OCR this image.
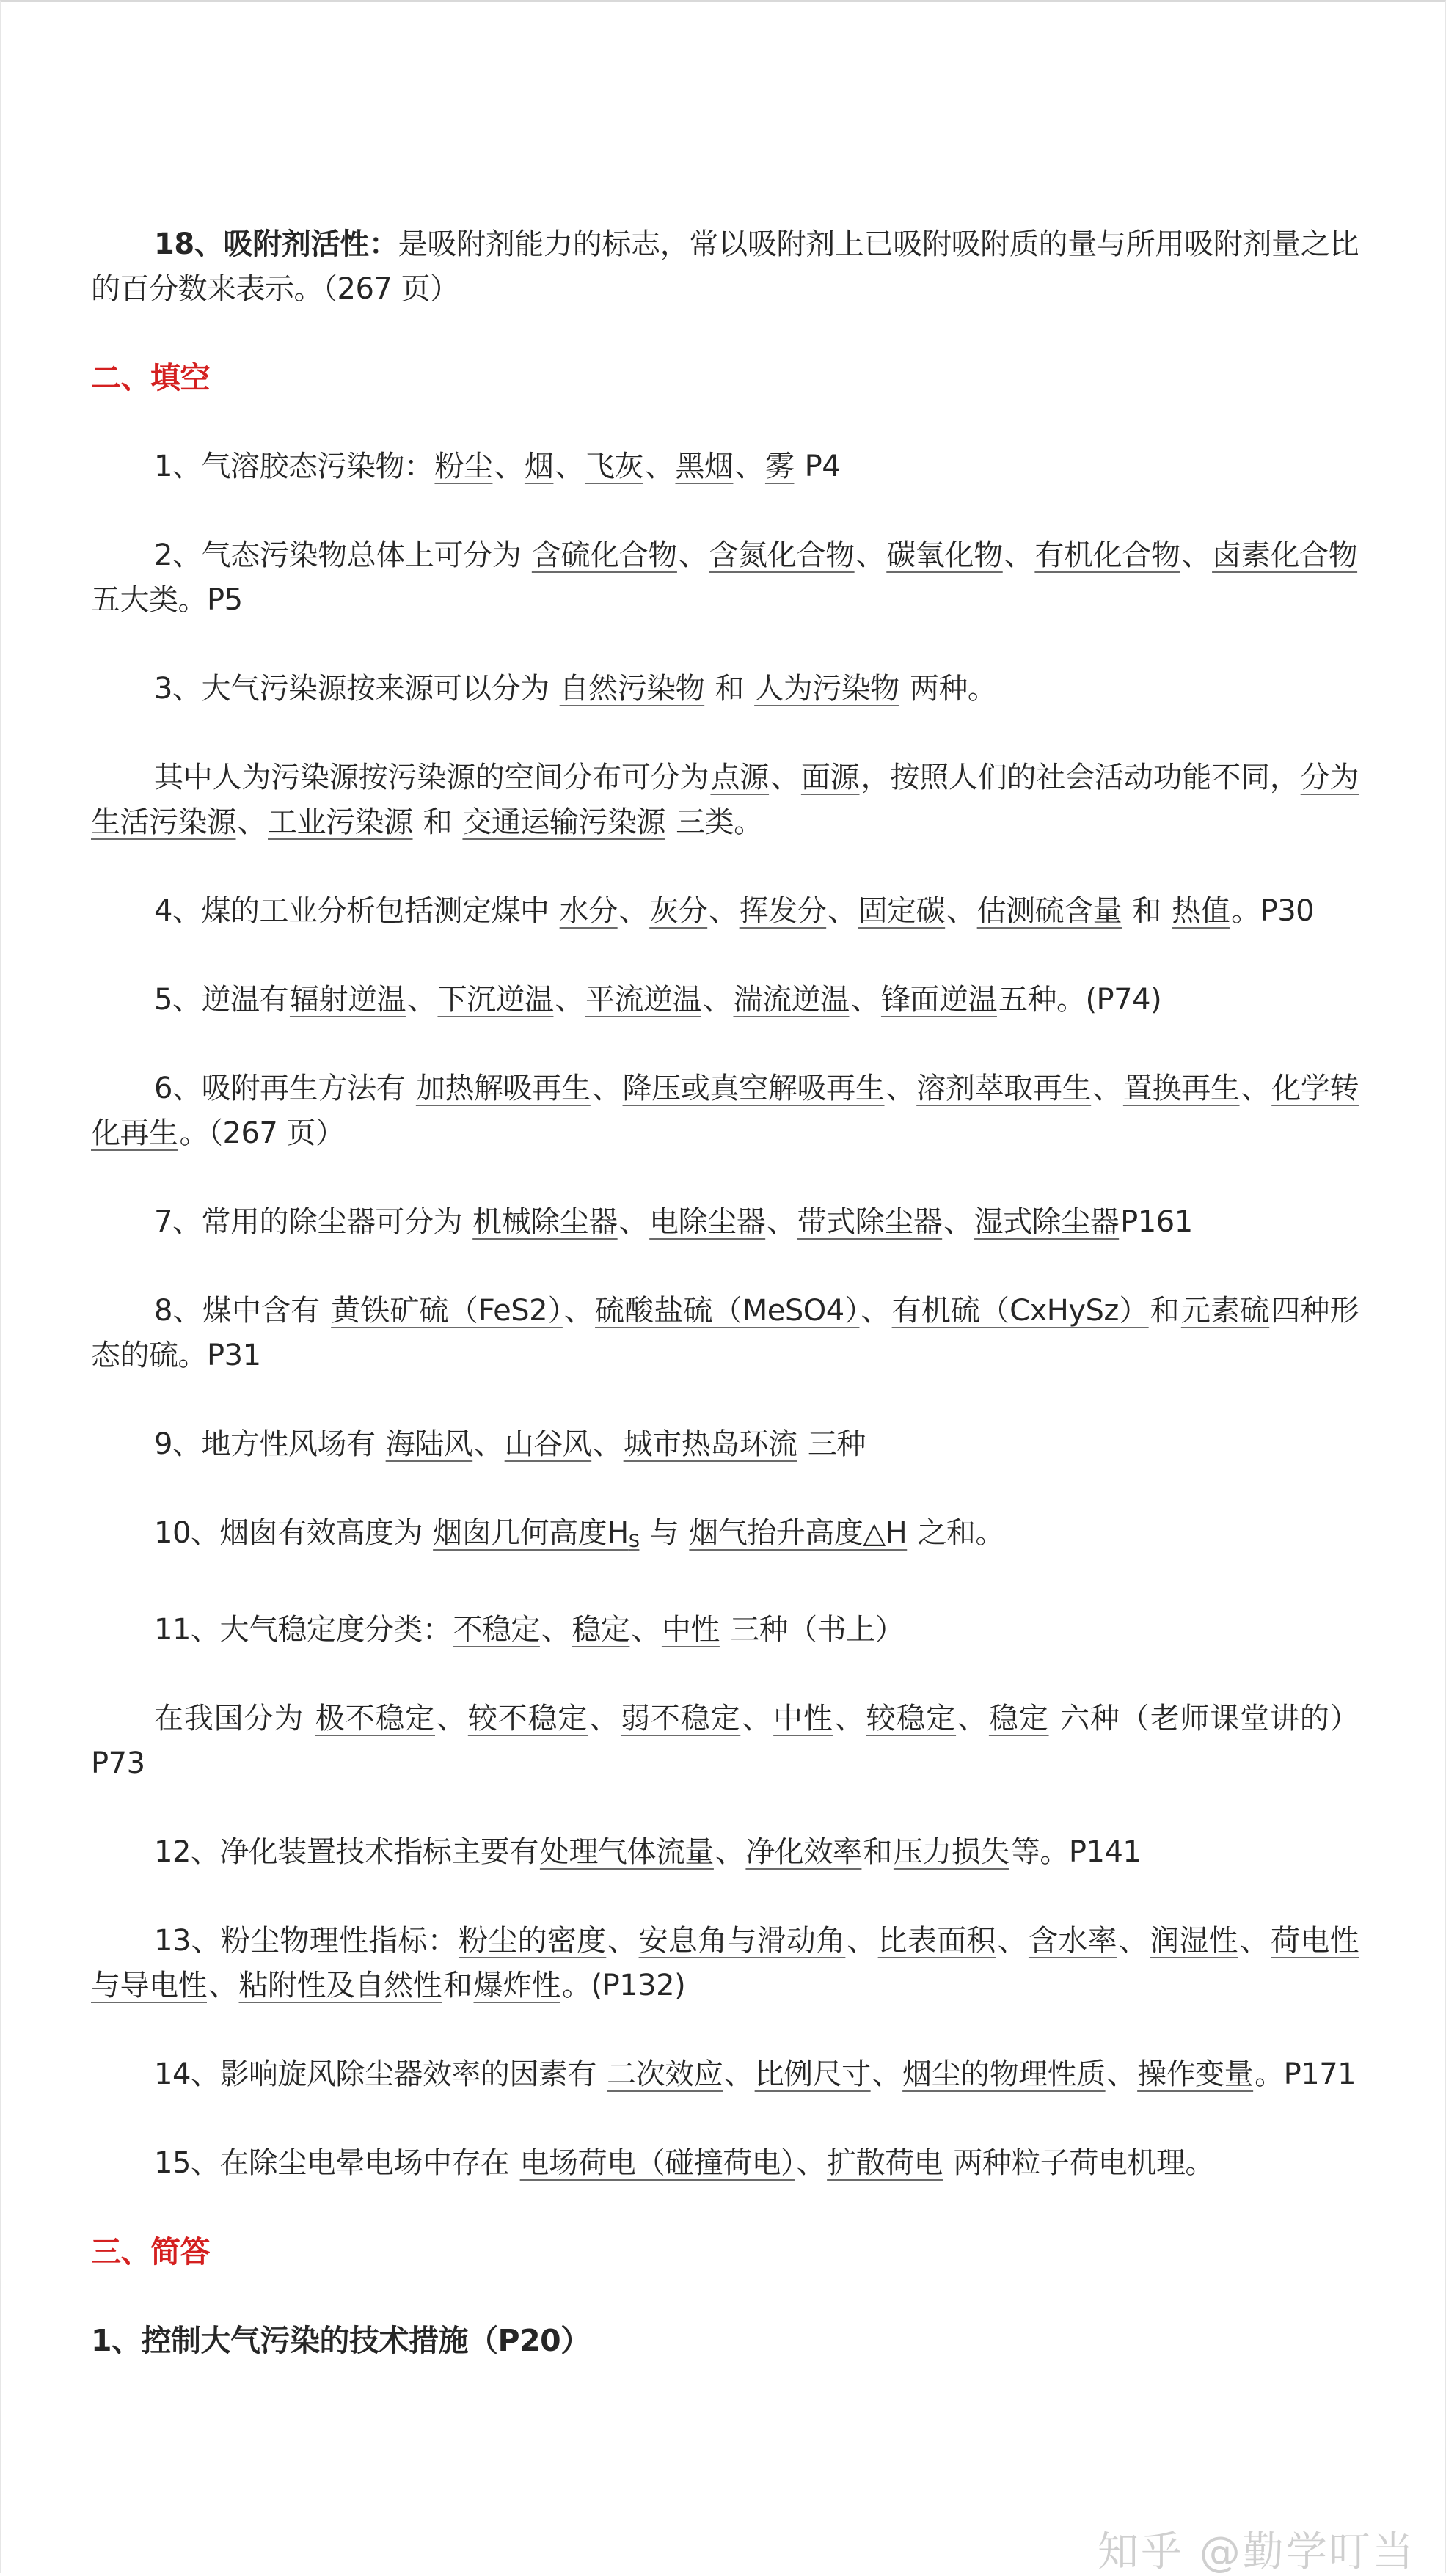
18、吸附剂活性：是吸附剂能力的标志，常以吸附剂上已吸附吸附质的量与所用吸附剂量之比的百分数来表示。（267 页）

二、填空

1、气溶胶态污染物：粉尘、烟、飞灰、黑烟、雾 P4

2、气态污染物总体上可分为 含硫化合物、含氮化合物、碳氧化物、有机化合物、卤素化合物 五大类。P5

3、大气污染源按来源可以分为 自然污染物 和 人为污染物 两种。

其中人为污染源按污染源的空间分布可分为点源、面源，按照人们的社会活动功能不同，分为生活污染源、工业污染源 和 交通运输污染源 三类。

4、煤的工业分析包括测定煤中 水分、灰分、挥发分、固定碳、估测硫含量 和 热值。P30

5、逆温有辐射逆温、下沉逆温、平流逆温、湍流逆温、锋面逆温五种。(P74)

6、吸附再生方法有 加热解吸再生、降压或真空解吸再生、溶剂萃取再生、置换再生、化学转化再生。（267 页）

7、常用的除尘器可分为 机械除尘器、电除尘器、带式除尘器、湿式除尘器P161

8、煤中含有 黄铁矿硫（FeS2）、硫酸盐硫（MeSO4）、有机硫（CxHySz）和元素硫四种形态的硫。P31

9、地方性风场有 海陆风、山谷风、城市热岛环流 三种

10、烟囱有效高度为 烟囱几何高度$H_S$ 与 烟气抬升高度△H 之和。

11、大气稳定度分类：不稳定、稳定、中性 三种（书上）

在我国分为 极不稳定、较不稳定、弱不稳定、中性、较稳定、稳定 六种（老师课堂讲的）P73

12、净化装置技术指标主要有处理气体流量、净化效率和压力损失等。P141

13、粉尘物理性指标：粉尘的密度、安息角与滑动角、比表面积、含水率、润湿性、荷电性与导电性、粘附性及自然性和爆炸性。(P132)

14、影响旋风除尘器效率的因素有 二次效应、比例尺寸、烟尘的物理性质、操作变量。P171

15、在除尘电晕电场中存在 电场荷电（碰撞荷电）、扩散荷电 两种粒子荷电机理。

三、简答

1、控制大气污染的技术措施（P20）

知乎 @勤学叮当
